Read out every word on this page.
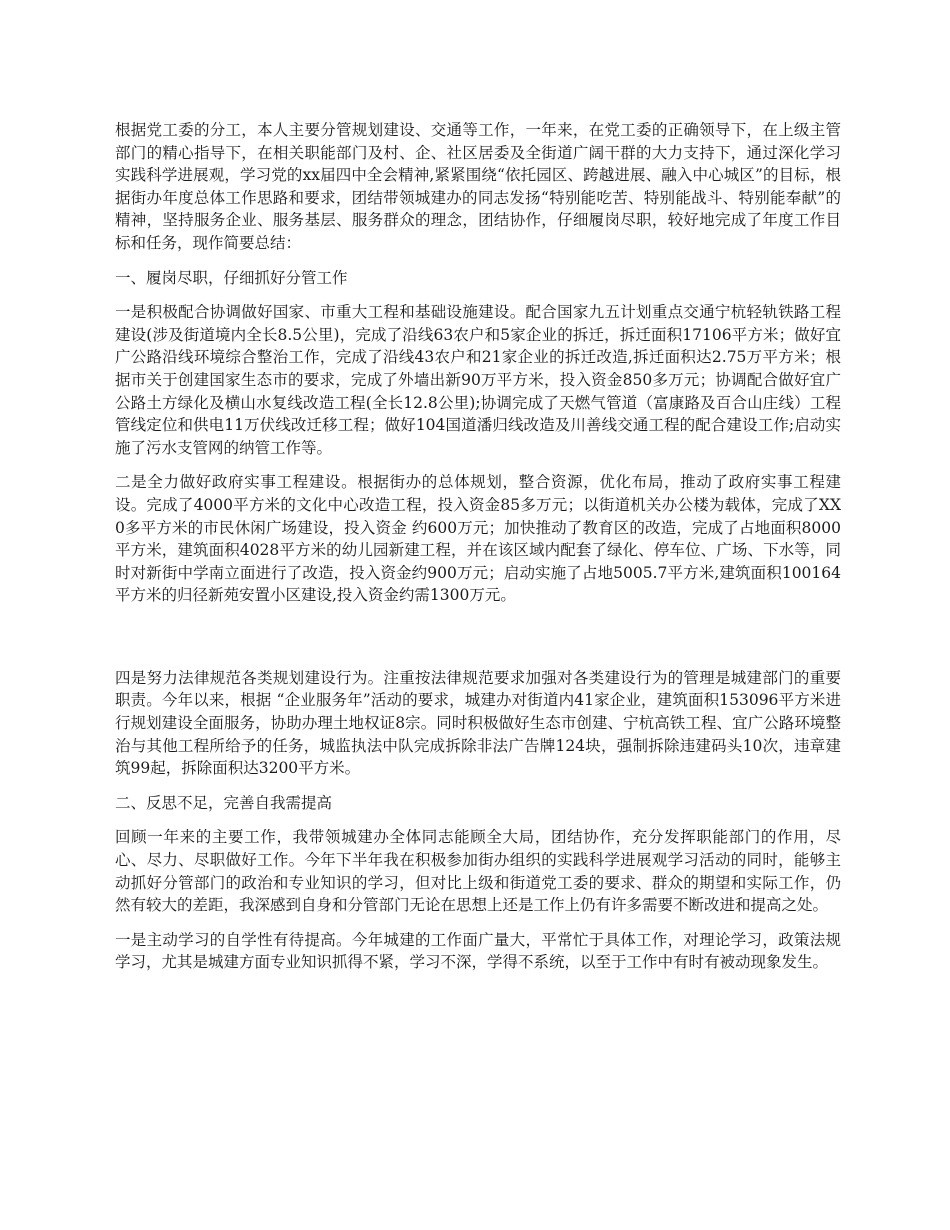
根据党工委的分工，本人主要分管规划建设、交通等工作，一年来，在党工委的正确领导下，在上级主管部门的精心指导下，在相关职能部门及村、企、社区居委及全街道广阔干群的大力支持下，通过深化学习实践科学进展观，学习党的xx届四中全会精神,紧紧围绕“依托园区、跨越进展、融入中心城区”的目标，根据街办年度总体工作思路和要求，团结带领城建办的同志发扬“特别能吃苦、特别能战斗、特别能奉献”的精神，坚持服务企业、服务基层、服务群众的理念，团结协作，仔细履岗尽职，较好地完成了年度工作目标和任务，现作简要总结：

一、履岗尽职，仔细抓好分管工作

一是积极配合协调做好国家、市重大工程和基础设施建设。配合国家九五计划重点交通宁杭轻轨铁路工程建设(涉及街道境内全长8.5公里)，完成了沿线63农户和5家企业的拆迁，拆迁面积17106平方米；做好宜广公路沿线环境综合整治工作，完成了沿线43农户和21家企业的拆迁改造,拆迁面积达2.75万平方米；根据市关于创建国家生态市的要求，完成了外墙出新90万平方米，投入资金850多万元；协调配合做好宜广公路土方绿化及横山水复线改造工程(全长12.8公里);协调完成了天燃气管道（富康路及百合山庄线）工程管线定位和供电11万伏线改迁移工程；做好104国道潘归线改造及川善线交通工程的配合建设工作;启动实施了污水支管网的纳管工作等。

二是全力做好政府实事工程建设。根据街办的总体规划，整合资源，优化布局，推动了政府实事工程建设。完成了4000平方米的文化中心改造工程，投入资金85多万元；以街道机关办公楼为载体，完成了XX0多平方米的市民休闲广场建设，投入资金 约600万元；加快推动了教育区的改造，完成了占地面积8000平方米，建筑面积4028平方米的幼儿园新建工程，并在该区域内配套了绿化、停车位、广场、下水等，同时对新街中学南立面进行了改造，投入资金约900万元；启动实施了占地5005.7平方米,建筑面积100164平方米的归径新苑安置小区建设,投入资金约需1300万元。

四是努力法律规范各类规划建设行为。注重按法律规范要求加强对各类建设行为的管理是城建部门的重要职责。今年以来，根据 “企业服务年”活动的要求，城建办对街道内41家企业，建筑面积153096平方米进行规划建设全面服务，协助办理土地权证8宗。同时积极做好生态市创建、宁杭高铁工程、宜广公路环境整治与其他工程所给予的任务，城监执法中队完成拆除非法广告牌124块，强制拆除违建码头10次，违章建筑99起，拆除面积达3200平方米。

二、反思不足，完善自我需提高

回顾一年来的主要工作，我带领城建办全体同志能顾全大局，团结协作，充分发挥职能部门的作用，尽心、尽力、尽职做好工作。今年下半年我在积极参加街办组织的实践科学进展观学习活动的同时，能够主动抓好分管部门的政治和专业知识的学习，但对比上级和街道党工委的要求、群众的期望和实际工作，仍然有较大的差距，我深感到自身和分管部门无论在思想上还是工作上仍有许多需要不断改进和提高之处。

一是主动学习的自学性有待提高。今年城建的工作面广量大，平常忙于具体工作，对理论学习，政策法规学习，尤其是城建方面专业知识抓得不紧，学习不深，学得不系统，以至于工作中有时有被动现象发生。
